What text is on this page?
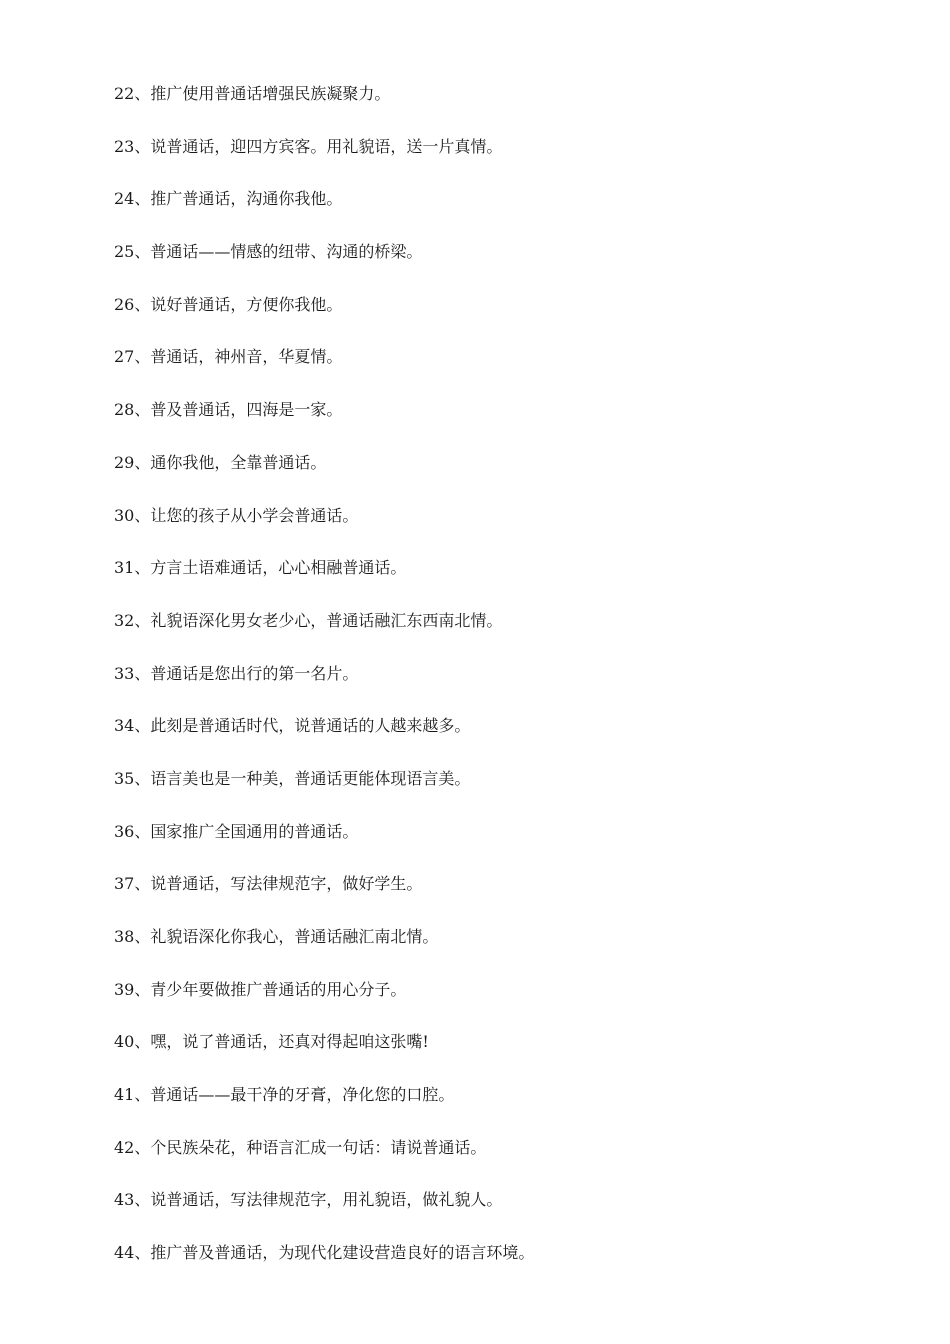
22、推广使用普通话增强民族凝聚力。
23、说普通话，迎四方宾客。用礼貌语，送一片真情。
24、推广普通话，沟通你我他。
25、普通话——情感的纽带、沟通的桥梁。
26、说好普通话，方便你我他。
27、普通话，神州音，华夏情。
28、普及普通话，四海是一家。
29、通你我他，全靠普通话。
30、让您的孩子从小学会普通话。
31、方言土语难通话，心心相融普通话。
32、礼貌语深化男女老少心，普通话融汇东西南北情。
33、普通话是您出行的第一名片。
34、此刻是普通话时代，说普通话的人越来越多。
35、语言美也是一种美，普通话更能体现语言美。
36、国家推广全国通用的普通话。
37、说普通话，写法律规范字，做好学生。
38、礼貌语深化你我心，普通话融汇南北情。
39、青少年要做推广普通话的用心分子。
40、嘿，说了普通话，还真对得起咱这张嘴!
41、普通话——最干净的牙膏，净化您的口腔。
42、个民族朵花，种语言汇成一句话：请说普通话。
43、说普通话，写法律规范字，用礼貌语，做礼貌人。
44、推广普及普通话，为现代化建设营造良好的语言环境。
